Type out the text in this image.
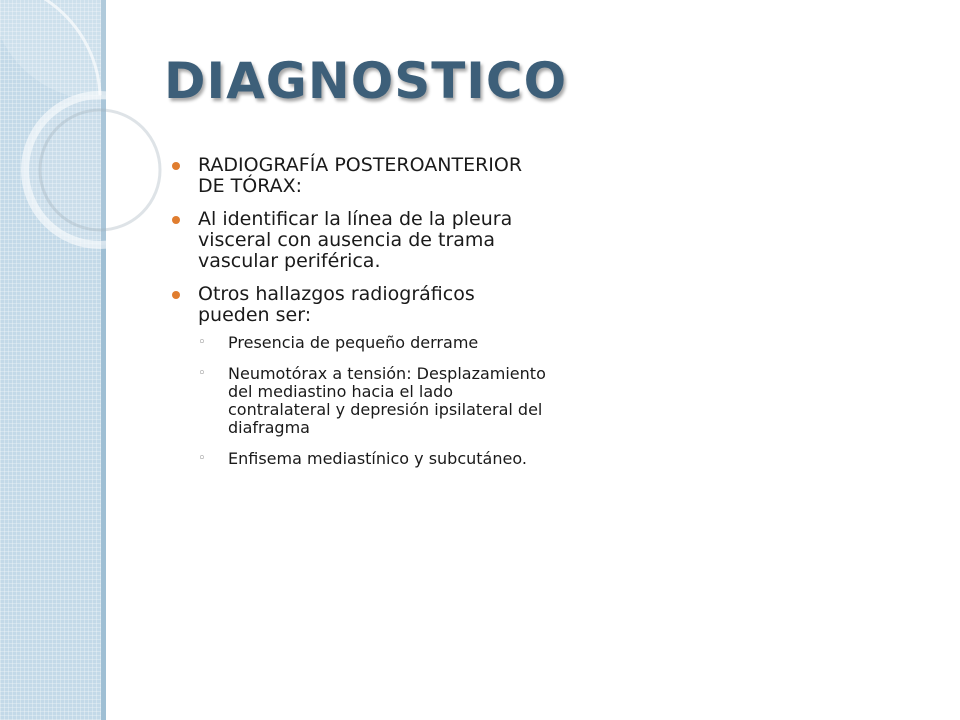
DIAGNOSTICO
RADIOGRAFÍA POSTEROANTERIOR DE TÓRAX:
Al identificar la línea de la pleura visceral con ausencia de trama vascular periférica.
Otros hallazgos radiográficos pueden ser:
◦ Presencia de pequeño derrame
◦ Neumotórax a tensión: Desplazamiento del mediastino hacia el lado contralateral y depresión ipsilateral del diafragma
◦ Enfisema mediastínico y subcutáneo.
